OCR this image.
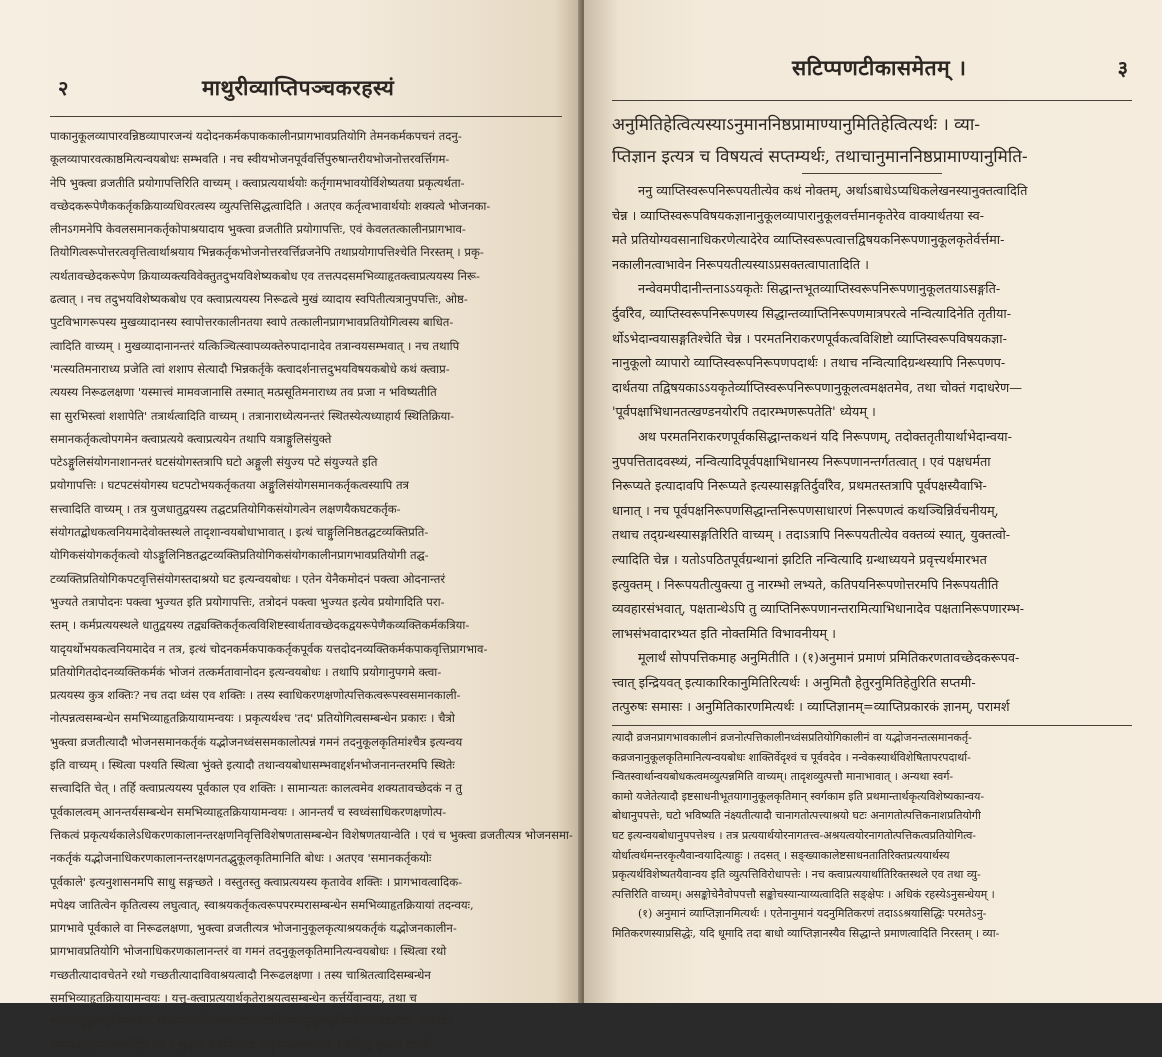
२	माथुरीव्याप्तिपञ्चकरहस्यं
पाकानुकूलव्यापारवन्निष्ठव्यापारजन्यं यदोदनकर्मकपाककालीनप्रागभावप्रतियोगि तेमनकर्मकपचनं तदनु-
कूलव्यापारवत्काष्ठमित्यन्वयबोधः सम्भवति । नच स्वीयभोजनपूर्ववर्त्तिपुरुषान्तरीयभोजनोत्तरवर्त्तिगम-
नेपि भुक्त्वा व्रजतीति प्रयोगापत्तिरिति वाच्यम् । क्त्वाप्रत्ययार्थयोः कर्तृगामभावयोर्विशेष्यतया प्रकृत्यर्थता-
वच्छेदकरूपेणैककर्तृकक्रियाव्यधिवरत्वस्य व्युत्पत्तिसिद्धत्वादिति । अतएव कर्तृत्वभावार्थयोः शक्यत्वे भोजनका-
लीनऽगमनेपि केवलसमानकर्तृकोपाश्रयादाय भुक्त्वा व्रजतीति प्रयोगापत्तिः, एवं केवलतत्कालीनप्रागभाव-
तियोगित्वरूपोत्तरत्ववृत्तित्वार्थाश्रयाय भिन्नकर्तृकभोजनोत्तरवर्त्तिव्रजनेपि तथाप्रयोगापत्तिश्चेति निरस्तम् । प्रकृ-
त्यर्थतावच्छेदकरूपेण क्रियाव्यक्त्यविवेक्तुतदुभयविशेष्यकबोध एव तत्तत्पदसमभिव्याहृतक्त्वाप्रत्ययस्य निरू-
ढत्वात् । नच तदुभयविशेष्यकबोध एव क्त्वाप्रत्ययस्य निरूढत्वे मुखं व्यादाय स्वपितीत्यत्रानुपपत्तिः, ओष्ठ-
पुटविभागरूपस्य मुखव्यादानस्य स्वापोत्तरकालीनतया स्वापे तत्कालीनप्रागभावप्रतियोगित्वस्य बाधित-
त्वादिति वाच्यम् । मुखव्यादानानन्तरं यत्किञ्चित्स्वापव्यक्तेरुपादानादेव तत्रान्वयसम्भवात् । नच तथापि
'मत्स्यतिमनाराध्य प्रजेति त्वां शशाप सेत्यादौ भिन्नकर्तृके क्त्वादर्शनात्तदुभयविषयकबोधे कथं क्त्वाप्र-
त्ययस्य निरूढलक्षणा 'यस्मात्त्वं मामवजानासि तस्मात् मत्प्रसूतिमनाराध्य तव प्रजा न भविष्यतीति
सा सुरभिस्त्वां शशापेति' तत्रार्थत्वादिति वाच्यम् । तत्रानाराध्येत्यनन्तरं स्थितस्येत्यध्याहार्य स्थितिक्रिया-
समानकर्तृकत्वोपगमेन क्त्वाप्रत्यये क्त्वाप्रत्ययेन तथापि यत्राङ्गुलिसंयुक्ते
पटेऽङ्गुलिसंयोगनाशानन्तरं घटसंयोगस्तत्रापि घटो अङ्गुली संयुज्य पटे संयुज्यते इति
प्रयोगापत्तिः । घटपटसंयोगस्य घटपटोभयकर्तृकतया अङ्गुलिसंयोगसमानकर्तृकत्वस्यापि तत्र
सत्त्वादिति वाच्यम् । तत्र युजधातुद्वयस्य तद्घटप्रतियोगिकसंयोगत्वेन लक्षणयैकघटकर्तृक-
संयोगतद्बोधकत्वनियमादेवोक्तस्थले तादृशान्वयबोधाभावात् । इत्थं चाङ्गुलिनिष्ठतद्घटव्यक्तिप्रति-
योगिकसंयोगकर्तृकत्वो योऽङ्गुलिनिष्ठतद्घटव्यक्तिप्रतियोगिकसंयोगकालीनप्रागभावप्रतियोगी तद्घ-
टव्यक्तिप्रतियोगिकपटवृत्तिसंयोगस्तदाश्रयो घट इत्यन्वयबोधः । एतेन येनैकमोदनं पक्त्वा ओदनान्तरं
भुज्यते तत्रापोदनः पक्त्वा भुज्यत इति प्रयोगापत्तिः, तत्रोदनं पक्त्वा भुज्यत इत्येव प्रयोगादिति परा-
स्तम् । कर्मप्रत्ययस्थले धातुद्वयस्य तद्व्यक्तिकर्तृकत्वविशिष्टस्वार्थतावच्छेदकद्वयरूपेणैकव्यक्तिकर्मकत्रिया-
यादृयर्थोभयकत्वनियमादेव न तत्र, इत्थं चोदनकर्मकपाककर्तृकपूर्वक यत्तदोदनव्यक्तिकर्मकपाकवृत्तिप्रागभाव-
प्रतियोगितदोदनव्यक्तिकर्मकं भोजनं तत्कर्मतावानोदन इत्यन्वयबोधः । तथापि प्रयोगानुपगमे क्त्वा-
प्रत्ययस्य कुत्र शक्तिः? नच तदा ध्वंस एव शक्तिः । तस्य स्वाधिकरणक्षणोत्पत्तिकत्वरूपस्वसमानकाली-
नोत्पन्नत्वसम्बन्धेन समभिव्याहृतक्रियायामन्वयः । प्रकृत्यर्थश्च 'तद' प्रतियोगित्वसम्बन्धेन प्रकारः । चैत्रो
भुक्त्वा व्रजतीत्यादौ भोजनसमानकर्तृकं यद्भोजनध्वंससमकालोत्पन्नं गमनं तदनुकूलकृतिमांश्चैत्र इत्यन्वय
इति वाच्यम् । स्थित्वा पश्यति स्थित्वा भुंक्ते इत्यादौ तथान्वयबोधासम्भवाद्दर्शनभोजनानन्तरमपि स्थितेः
सत्त्वादिति चेत् । तर्हि क्त्वाप्रत्ययस्य पूर्वकाल एव शक्तिः । सामान्यतः कालत्वमेव शक्यतावच्छेदकं न तु
पूर्वकालत्वम् आनन्तर्यसम्बन्धेन समभिव्याहृतक्रियायामन्वयः । आनन्तर्यं च स्वध्वंसाधिकरणक्षणोत्प-
त्तिकत्वं प्रकृत्यर्थकालेऽधिकरणकालानन्तरक्षणनिवृत्तिविशेषणतासम्बन्धेन विशेषणतयान्वेति । एवं च भुक्त्वा व्रजतीत्यत्र भोजनसमा-
नकर्तृकं यद्भोजनाधिकरणकालानन्तरक्षणनतद्भुकूलकृतिमानिति बोधः । अतएव 'समानकर्तृकयोः
पूर्वकाले' इत्यनुशासनमपि साधु सङ्गच्छते । वस्तुतस्तु क्त्वाप्रत्ययस्य कृतावेव शक्तिः । प्रागभावत्वादिक-
मपेक्ष्य जातित्वेन कृतित्वस्य लघुत्वात्, स्वाश्रयकर्तृकत्वरूपपरम्परासम्बन्धेन समभिव्याहृतक्रियायां तदन्वयः,
प्रागभावे पूर्वकाले वा निरूढलक्षणा, भुक्त्वा व्रजतीत्यत्र भोजनानुकूलकृत्याश्रयकर्तृकं यद्भोजनकालीन-
प्रागभावप्रतियोगि भोजनाधिकरणकालानन्तरं वा गमनं तदनुकूलकृतिमानित्यन्वयबोधः । स्थित्वा रथो
गच्छतीत्यादावचेतने रथो गच्छतीत्यादाविवाश्रयत्वादौ निरूढलक्षणा । तस्य चाश्रितत्वादिसम्बन्धेन
समभिव्याहृतक्रियायामन्वयः । यत्तु-क्त्वाप्रत्ययार्थकृतेराश्रयत्वसम्बन्धेन कर्त्तर्येवान्वयः, तथा च
भोजनानुकूलकृतिमांश्चैत्रो भोजनकालीनप्रागभावप्रतियोगिगमनानुकूलकृतिमानित्यन्वयबोधः, तावतापि
समानकर्तृकत्वलाभादिति-तन्न । भुक्त्वा व्रजमित्यादौ कर्तृकत्वलाभापत्तेः । केचित्तु भुक्त्वा व्रजती-
सटिप्पणटीकासमेतम् ।	३
अनुमितिहेत्वित्यस्याऽनुमाननिष्ठप्रामाण्यानुमितिहेत्वित्यर्थः । व्या-
प्तिज्ञान इत्यत्र च विषयत्वं सप्तम्यर्थः, तथाचानुमाननिष्ठप्रामाण्यानुमिति-
ननु व्याप्तिस्वरूपनिरूपयतीत्येव कथं नोक्तम्, अर्थाऽबाधेऽप्यधिकलेखनस्यानुक्तत्वादिति
चेन्न । व्याप्तिस्वरूपविषयकज्ञानानुकूलव्यापारानुकूलवर्त्तमानकृतेरेव वाक्यार्थतया स्व-
मते प्रतियोग्यवसानाधिकरणेत्यादेरेव व्याप्तिस्वरूपत्वात्तद्विषयकनिरूपणानुकूलकृतेर्वर्त्तमा-
नकालीनत्वाभावेन निरूपयतीत्यस्याऽप्रसक्तत्वापातादिति ।
नन्वेवमपीदानीन्तनाऽऽयकृतेः सिद्धान्तभूतव्याप्तिस्वरूपनिरूपणानुकूलतयाऽसङ्गति-
र्दुर्वारैव, व्याप्तिस्वरूपनिरूपणस्य सिद्धान्तव्याप्तिनिरूपणमात्रपरत्वे नन्वित्यादिनेति तृतीया-
र्थोऽभेदान्वयासङ्गतिश्चेति चेन्न । परमतनिराकरणपूर्वकत्वविशिष्टो व्याप्तिस्वरूपविषयकज्ञा-
नानुकूलो व्यापारो व्याप्तिस्वरूपनिरूपणपदार्थः । तथाच नन्वित्यादिग्रन्थस्यापि निरूपणप-
दार्थतया तद्विषयकाऽऽयकृतेर्व्याप्तिस्वरूपनिरूपणानुकूलत्वमक्षतमेव, तथा चोक्तं गदाधरेण—
'पूर्वपक्षाभिधानतत्खण्डनयोरपि तदारम्भणरूपतेति' ध्येयम् ।
अथ परमतनिराकरणपूर्वकसिद्धान्तकथनं यदि निरूपणम्, तदोक्ततृतीयार्थाभेदान्वया-
नुपपत्तितादवस्थ्यं, नन्वित्यादिपूर्वपक्षाभिधानस्य निरूपणानन्तर्गतत्वात् । एवं पक्षधर्मता
निरूप्यते इत्यादावपि निरूप्यते इत्यस्यासङ्गतिर्दुर्वारैव, प्रथमतस्तत्रापि पूर्वपक्षस्यैवाभि-
धानात् । नच पूर्वपक्षनिरूपणसिद्धान्तनिरूपणसाधारणं निरूपणत्वं कथञ्चिन्निर्वचनीयम्,
तथाच तद्ग्रन्थस्यासङ्गतिरिति वाच्यम् । तदाऽत्रापि निरूपयतीत्येव वक्तव्यं स्यात्, युक्तत्वो-
ल्यादिति चेन्न । यतोऽपठितपूर्वग्रन्थानां झटिति नन्वित्यादि ग्रन्थाध्ययने प्रवृत्त्यर्थमारभत
इत्युक्तम् । निरूपयतीत्युक्त्या तु नारम्भो लभ्यते, कतिपयनिरूपणोत्तरमपि निरूपयतीति
व्यवहारसंभवात्, पक्षतान्थेऽपि तु व्याप्तिनिरूपणानन्तरामित्याभिधानादेव पक्षतानिरूपणारम्भ-
लाभसंभवादारभ्यत इति नोक्तमिति विभावनीयम् ।
मूलार्थं सोपपत्तिकमाह अनुमितीति । (१)अनुमानं प्रमाणं प्रमितिकरणतावच्छेदकरूपव-
त्त्वात् इन्द्रियवत् इत्याकारिकानुमितिरित्यर्थः । अनुमितौ हेतुरनुमितिहेतुरिति सप्तमी-
तत्पुरुषः समासः । अनुमितिकारणमित्यर्थः । व्याप्तिज्ञानम्=व्याप्तिप्रकारकं ज्ञानम्, परामर्श
त्यादौ व्रजनप्रागभावकालीनं व्रजनोत्पत्तिकालीनध्वंसप्रतियोगिकालीनं वा यद्भोजनन्तत्समानकर्तृ-
कव्रजनानुकूलकृतिमानित्यन्वयबोधः शाक्तिर्वेदृश्वं च पूर्ववदेव । नन्वेकस्यार्थविशेषितापरपदार्था-
न्वितस्वार्थान्वयबोधकत्वमव्युत्पन्नमिति वाच्यम्। तादृशव्युत्पत्तौ मानाभावात् । अन्यथा स्वर्ग-
कामो यजेतेत्यादौ इष्टसाधनीभूतयागानुकूलकृतिमान् स्वर्गकाम इति प्रथमान्तार्थकृत्यविशेष्यकान्वय-
बोधानुपपत्तेः, घटो भविष्यति नंक्ष्यतीत्यादौ चानागतोत्पत्त्याश्रयो घटः अनागतोत्पत्तिकनाशप्रतियोगी
घट इत्यन्वयबोधानुपपत्तेश्च । तत्र प्रत्ययार्थयोरनागतत्त्व-अश्रयत्वयोरनागतोत्पत्तिकत्वप्रतियोगित्व-
योर्धात्वर्थमन्तरकृत्यैवान्वयादित्याहुः । तदसत् । सङ्ख्याकालेष्टसाधनतातिरिक्तप्रत्ययार्थस्य
प्रकृत्यर्थविशेष्यतयैवान्वय इति व्युत्पत्तिविरोधापत्तेः । नच क्त्वाप्रत्ययार्थातिरिक्तस्थले एव तथा व्यु-
त्पत्तिरिति वाच्यम्। असङ्कोचेनैवोपपत्तौ सङ्कोचस्यान्याय्यत्वादिति सङ्क्षेपः । अधिकं रहस्येऽनुसन्धेयम् ।
(१) अनुमानं व्याप्तिज्ञानमित्यर्थः । एतेनानुमानं यदनुमितिकरणं तदाऽऽश्रयासिद्धिः परमतेऽनु-
मितिकरणस्याप्रसिद्धेः, यदि धूमादि तदा बाधो व्याप्तिज्ञानस्यैव सिद्धान्ते प्रमाणत्वादिति निरस्तम् । व्या-
